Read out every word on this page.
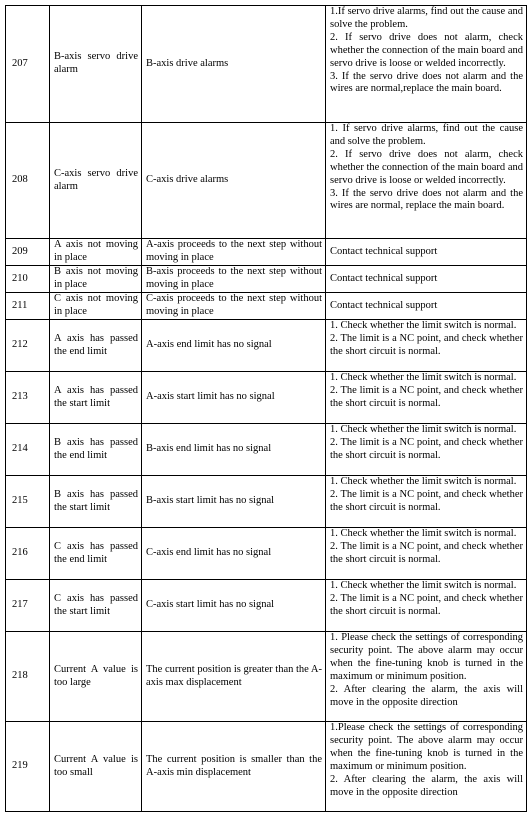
207	B-axis servo drive alarm	B-axis drive alarms	1.If servo drive alarms, find out the cause and solve the problem.
2. If servo drive does not alarm, check whether the connection of the main board and servo drive is loose or welded incorrectly.
3. If the servo drive does not alarm and the wires are normal,replace the main board.

208	C-axis servo drive alarm	C-axis drive alarms	1. If servo drive alarms, find out the cause and solve the problem.
2. If servo drive does not alarm, check whether the connection of the main board and servo drive is loose or welded incorrectly.
3. If the servo drive does not alarm and the wires are normal, replace the main board.

209	A axis not moving in place	A-axis proceeds to the next step without moving in place	Contact technical support
210	B axis not moving in place	B-axis proceeds to the next step without moving in place	Contact technical support
211	C axis not moving in place	C-axis proceeds to the next step without moving in place	Contact technical support
212	A axis has passed the end limit	A-axis end limit has no signal	1. Check whether the limit switch is normal.
2. The limit is a NC point, and check whether the short circuit is normal.

213	A axis has passed the start limit	A-axis start limit has no signal	1. Check whether the limit switch is normal.
2. The limit is a NC point, and check whether the short circuit is normal.

214	B axis has passed the end limit	B-axis end limit has no signal	1. Check whether the limit switch is normal.
2. The limit is a NC point, and check whether the short circuit is normal.

215	B axis has passed the start limit	B-axis start limit has no signal	1. Check whether the limit switch is normal.
2. The limit is a NC point, and check whether the short circuit is normal.

216	C axis has passed the end limit	C-axis end limit has no signal	1. Check whether the limit switch is normal.
2. The limit is a NC point, and check whether the short circuit is normal.

217	C axis has passed the start limit	C-axis start limit has no signal	1. Check whether the limit switch is normal.
2. The limit is a NC point, and check whether the short circuit is normal.

218	Current A value is too large	The current position is greater than the A-axis max displacement	1. Please check the settings of corresponding security point. The above alarm may occur when the fine-tuning knob is turned in the maximum or minimum position.
2. After clearing the alarm, the axis will move in the opposite direction

219	Current A value is too small	The current position is smaller than the A-axis min displacement	1.Please check the settings of corresponding security point. The above alarm may occur when the fine-tuning knob is turned in the maximum or minimum position.
2. After clearing the alarm, the axis will move in the opposite direction
